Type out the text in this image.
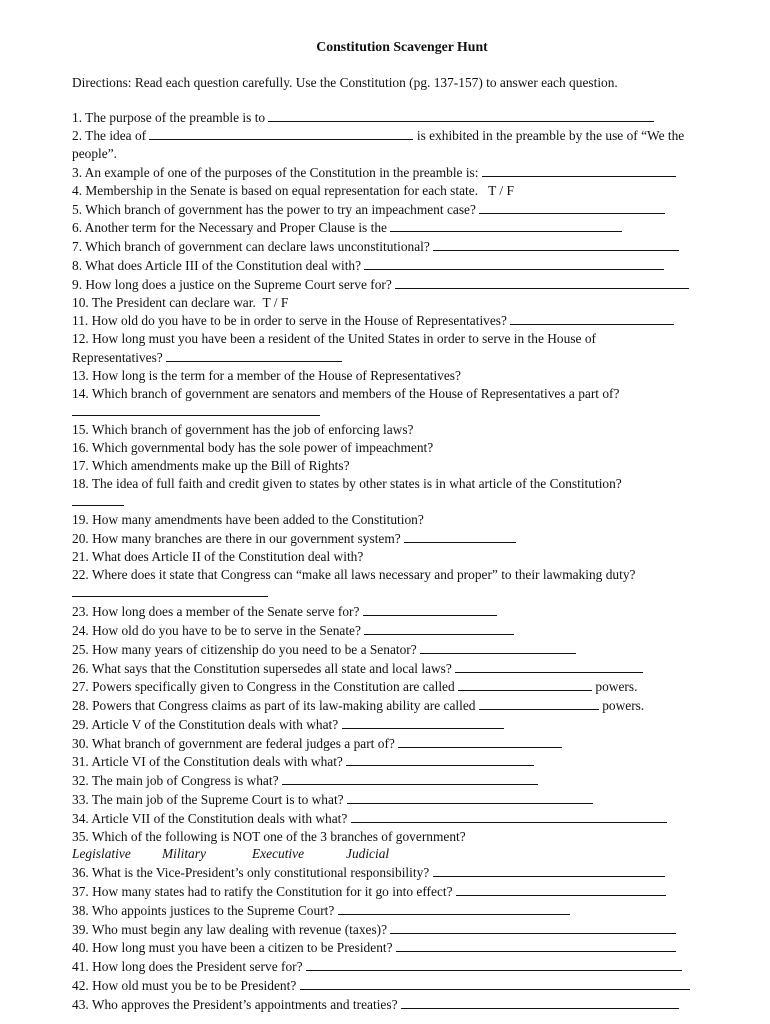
Constitution Scavenger Hunt
Directions: Read each question carefully. Use the Constitution (pg. 137-157) to answer each question.
1. The purpose of the preamble is to
2. The idea of	is exhibited in the preamble by the use of “We the
people”.
3. An example of one of the purposes of the Constitution in the preamble is:
4. Membership in the Senate is based on equal representation for each state. T / F
5. Which branch of government has the power to try an impeachment case?
6. Another term for the Necessary and Proper Clause is the
7. Which branch of government can declare laws unconstitutional?
8. What does Article III of the Constitution deal with?
9. How long does a justice on the Supreme Court serve for?
10. The President can declare war. T / F
11. How old do you have to be in order to serve in the House of Representatives?
12. How long must you have been a resident of the United States in order to serve in the House of
Representatives?
13. How long is the term for a member of the House of Representatives?
14. Which branch of government are senators and members of the House of Representatives a part of?
15. Which branch of government has the job of enforcing laws?
16. Which governmental body has the sole power of impeachment?
17. Which amendments make up the Bill of Rights?
18. The idea of full faith and credit given to states by other states is in what article of the Constitution?
19. How many amendments have been added to the Constitution?
20. How many branches are there in our government system?
21. What does Article II of the Constitution deal with?
22. Where does it state that Congress can “make all laws necessary and proper” to their lawmaking duty?
23. How long does a member of the Senate serve for?
24. How old do you have to be to serve in the Senate?
25. How many years of citizenship do you need to be a Senator?
26. What says that the Constitution supersedes all state and local laws?
27. Powers specifically given to Congress in the Constitution are called	powers.
28. Powers that Congress claims as part of its law-making ability are called	powers.
29. Article V of the Constitution deals with what?
30. What branch of government are federal judges a part of?
31. Article VI of the Constitution deals with what?
32. The main job of Congress is what?
33. The main job of the Supreme Court is to what?
34. Article VII of the Constitution deals with what?
35. Which of the following is NOT one of the 3 branches of government?
Legislative Military	Executive	Judicial
36. What is the Vice-President’s only constitutional responsibility?
37. How many states had to ratify the Constitution for it go into effect?
38. Who appoints justices to the Supreme Court?
39. Who must begin any law dealing with revenue (taxes)?
40. How long must you have been a citizen to be President?
41. How long does the President serve for?
42. How old must you be to be President?
43. Who approves the President’s appointments and treaties?
